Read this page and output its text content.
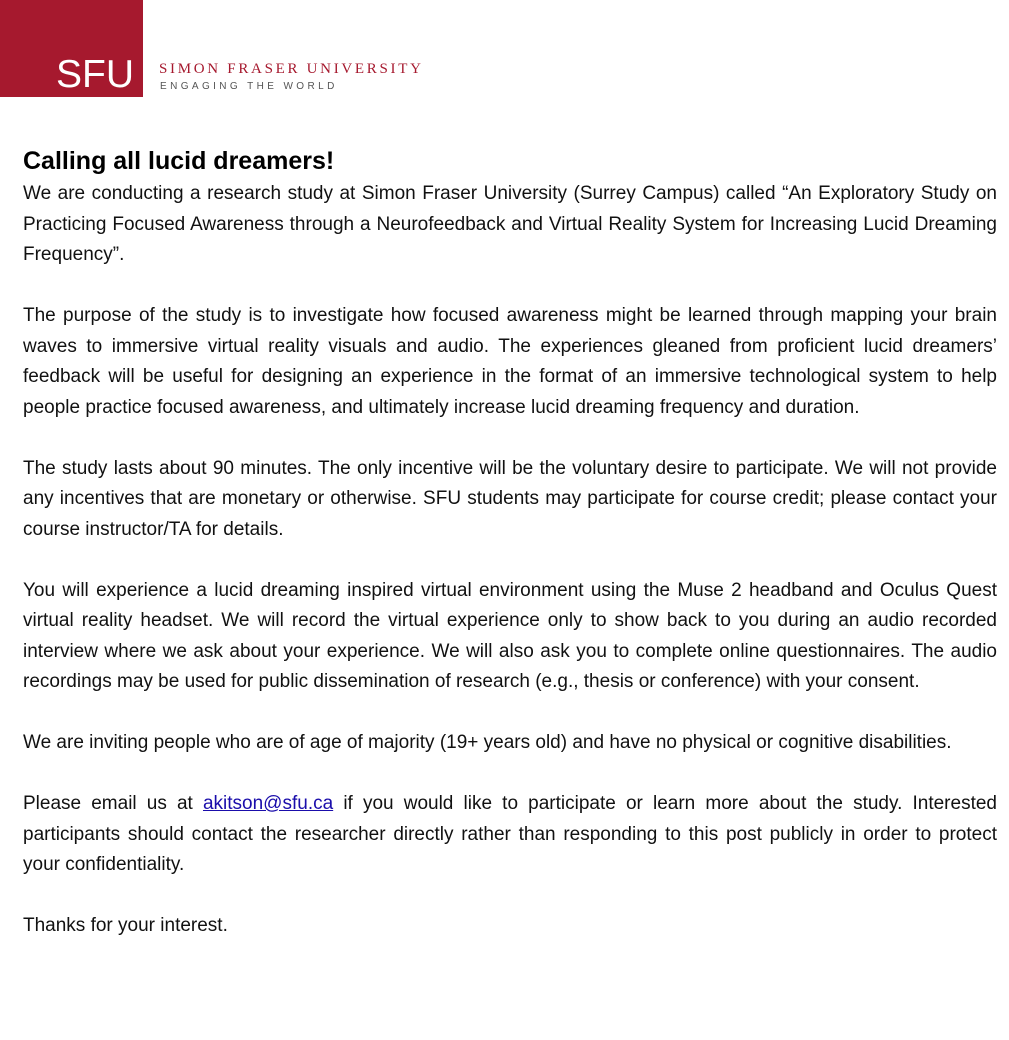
SFU SIMON FRASER UNIVERSITY
ENGAGING THE WORLD
Calling all lucid dreamers!

We are conducting a research study at Simon Fraser University (Surrey Campus) called “An Exploratory Study on Practicing Focused Awareness through a Neurofeedback and Virtual Reality System for Increasing Lucid Dreaming Frequency”.

The purpose of the study is to investigate how focused awareness might be learned through mapping your brain waves to immersive virtual reality visuals and audio. The experiences gleaned from proficient lucid dreamers’ feedback will be useful for designing an experience in the format of an immersive technological system to help people practice focused awareness, and ultimately increase lucid dreaming frequency and duration.

The study lasts about 90 minutes. The only incentive will be the voluntary desire to participate. We will not provide any incentives that are monetary or otherwise. SFU students may participate for course credit; please contact your course instructor/TA for details.

You will experience a lucid dreaming inspired virtual environment using the Muse 2 headband and Oculus Quest virtual reality headset. We will record the virtual experience only to show back to you during an audio recorded interview where we ask about your experience. We will also ask you to complete online questionnaires. The audio recordings may be used for public dissemination of research (e.g., thesis or conference) with your consent.

We are inviting people who are of age of majority (19+ years old) and have no physical or cognitive disabilities.

Please email us at akitson@sfu.ca if you would like to participate or learn more about the study. Interested participants should contact the researcher directly rather than responding to this post publicly in order to protect your confidentiality.

Thanks for your interest.
